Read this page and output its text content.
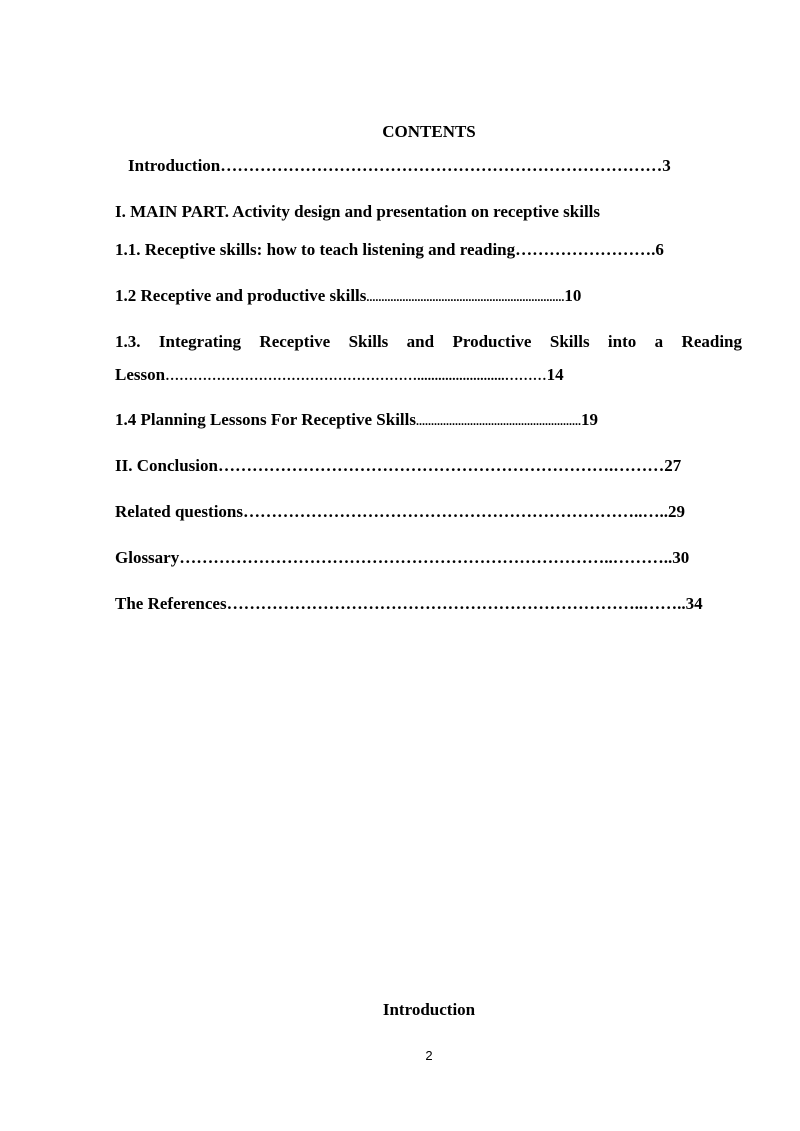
CONTENTS
Introduction……………………………………………………………………3
I. MAIN PART. Activity design and presentation on receptive skills
1.1. Receptive skills: how to teach listening and reading…………………….6
1.2 Receptive and productive skills..................................................................10
1.3. Integrating Receptive Skills and Productive Skills into a Reading
Lesson……………………………………………….........................………14
1.4 Planning Lessons For Receptive Skills.......................................................19
II. Conclusion…………………………………………………………….………27
Related questions……………………………………………………………..…..29
Glossary…………………………………………………………………..………..30
The References………………………………………………………………..……..34
Introduction
2
